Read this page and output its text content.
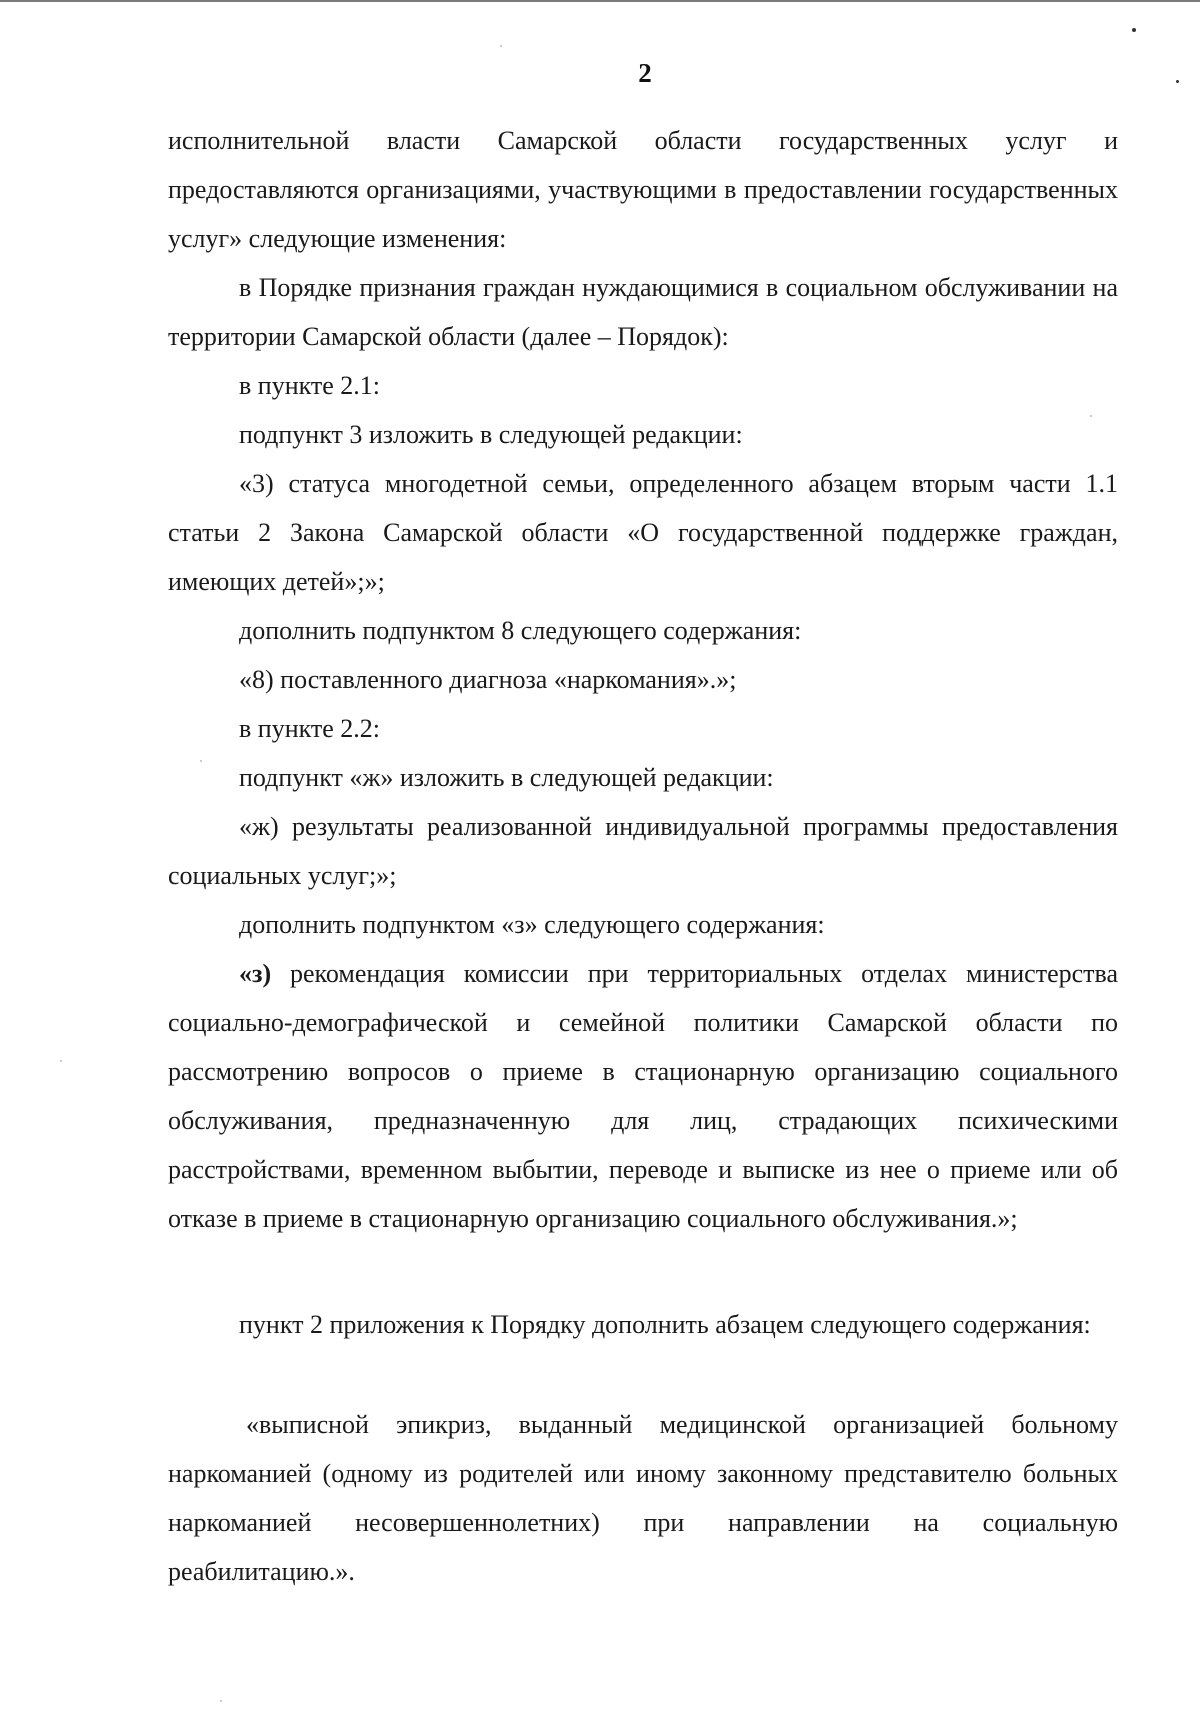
2

исполнительной власти Самарской области государственных услуг и предоставляются организациями, участвующими в предоставлении государственных услуг» следующие изменения:

в Порядке признания граждан нуждающимися в социальном обслуживании на территории Самарской области (далее – Порядок):

в пункте 2.1:

подпункт 3 изложить в следующей редакции:

«3) статуса многодетной семьи, определенного абзацем вторым части 1.1 статьи 2 Закона Самарской области «О государственной поддержке граждан, имеющих детей»;»;

дополнить подпунктом 8 следующего содержания:

«8) поставленного диагноза «наркомания».»;

в пункте 2.2:

подпункт «ж» изложить в следующей редакции:

«ж) результаты реализованной индивидуальной программы предоставления социальных услуг;»;

дополнить подпунктом «з» следующего содержания:

«з) рекомендация комиссии при территориальных отделах министерства социально-демографической и семейной политики Самарской области по рассмотрению вопросов о приеме в стационарную организацию социального обслуживания, предназначенную для лиц, страдающих психическими расстройствами, временном выбытии, переводе и выписке из нее о приеме или об отказе в приеме в стационарную организацию социального обслуживания.»;

пункт 2 приложения к Порядку дополнить абзацем следующего содержания:

«выписной эпикриз, выданный медицинской организацией больному наркоманией (одному из родителей или иному законному представителю больных наркоманией несовершеннолетних) при направлении на социальную реабилитацию.».
